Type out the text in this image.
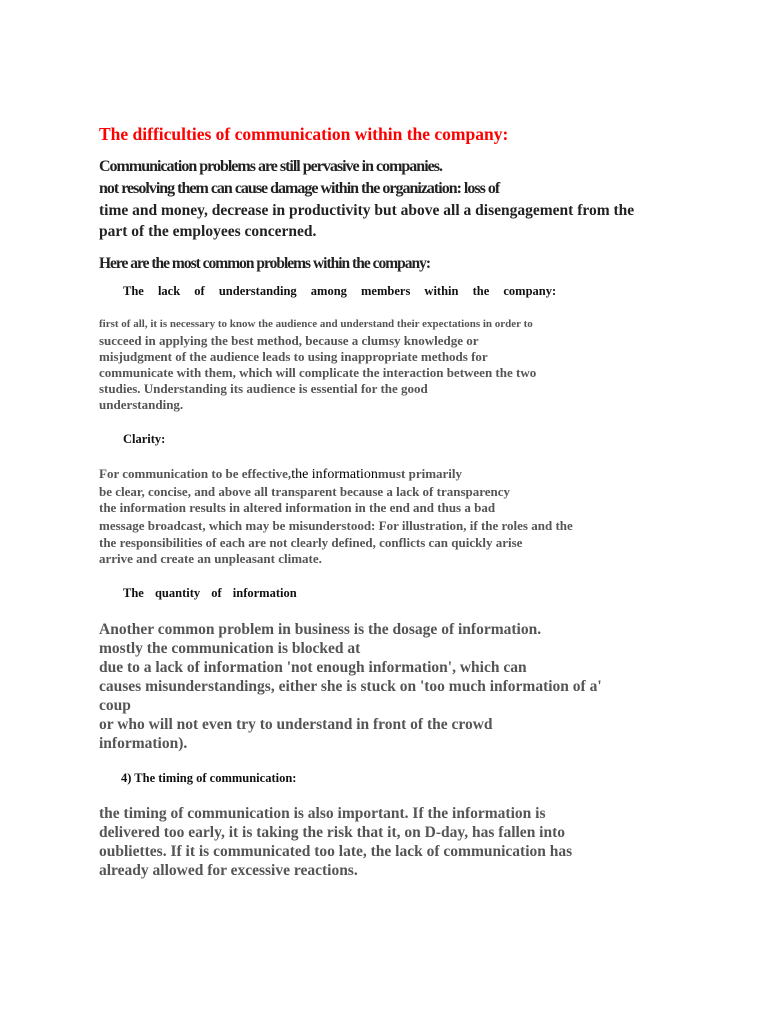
The difficulties of communication within the company:

Communication problems are still pervasive in companies.

not resolving them can cause damage within the organization: loss of

time and money, decrease in productivity but above all a disengagement from the

part of the employees concerned.

Here are the most common problems within the company:

The lack of understanding among members within the company:

first of all, it is necessary to know the audience and understand their expectations in order to

succeed in applying the best method, because a clumsy knowledge or

misjudgment of the audience leads to using inappropriate methods for

communicate with them, which will complicate the interaction between the two

studies. Understanding its audience is essential for the good

understanding.

Clarity:

For communication to be effective,the informationmust primarily

be clear, concise, and above all transparent because a lack of transparency

the information results in altered information in the end and thus a bad

message broadcast, which may be misunderstood: For illustration, if the roles and the

the responsibilities of each are not clearly defined, conflicts can quickly arise

arrive and create an unpleasant climate.

The quantity of information

Another common problem in business is the dosage of information.

mostly the communication is blocked at

due to a lack of information 'not enough information', which can

causes misunderstandings, either she is stuck on 'too much information of a'

coup

or who will not even try to understand in front of the crowd

information).

4) The timing of communication:

the timing of communication is also important. If the information is

delivered too early, it is taking the risk that it, on D-day, has fallen into

oubliettes. If it is communicated too late, the lack of communication has

already allowed for excessive reactions.
